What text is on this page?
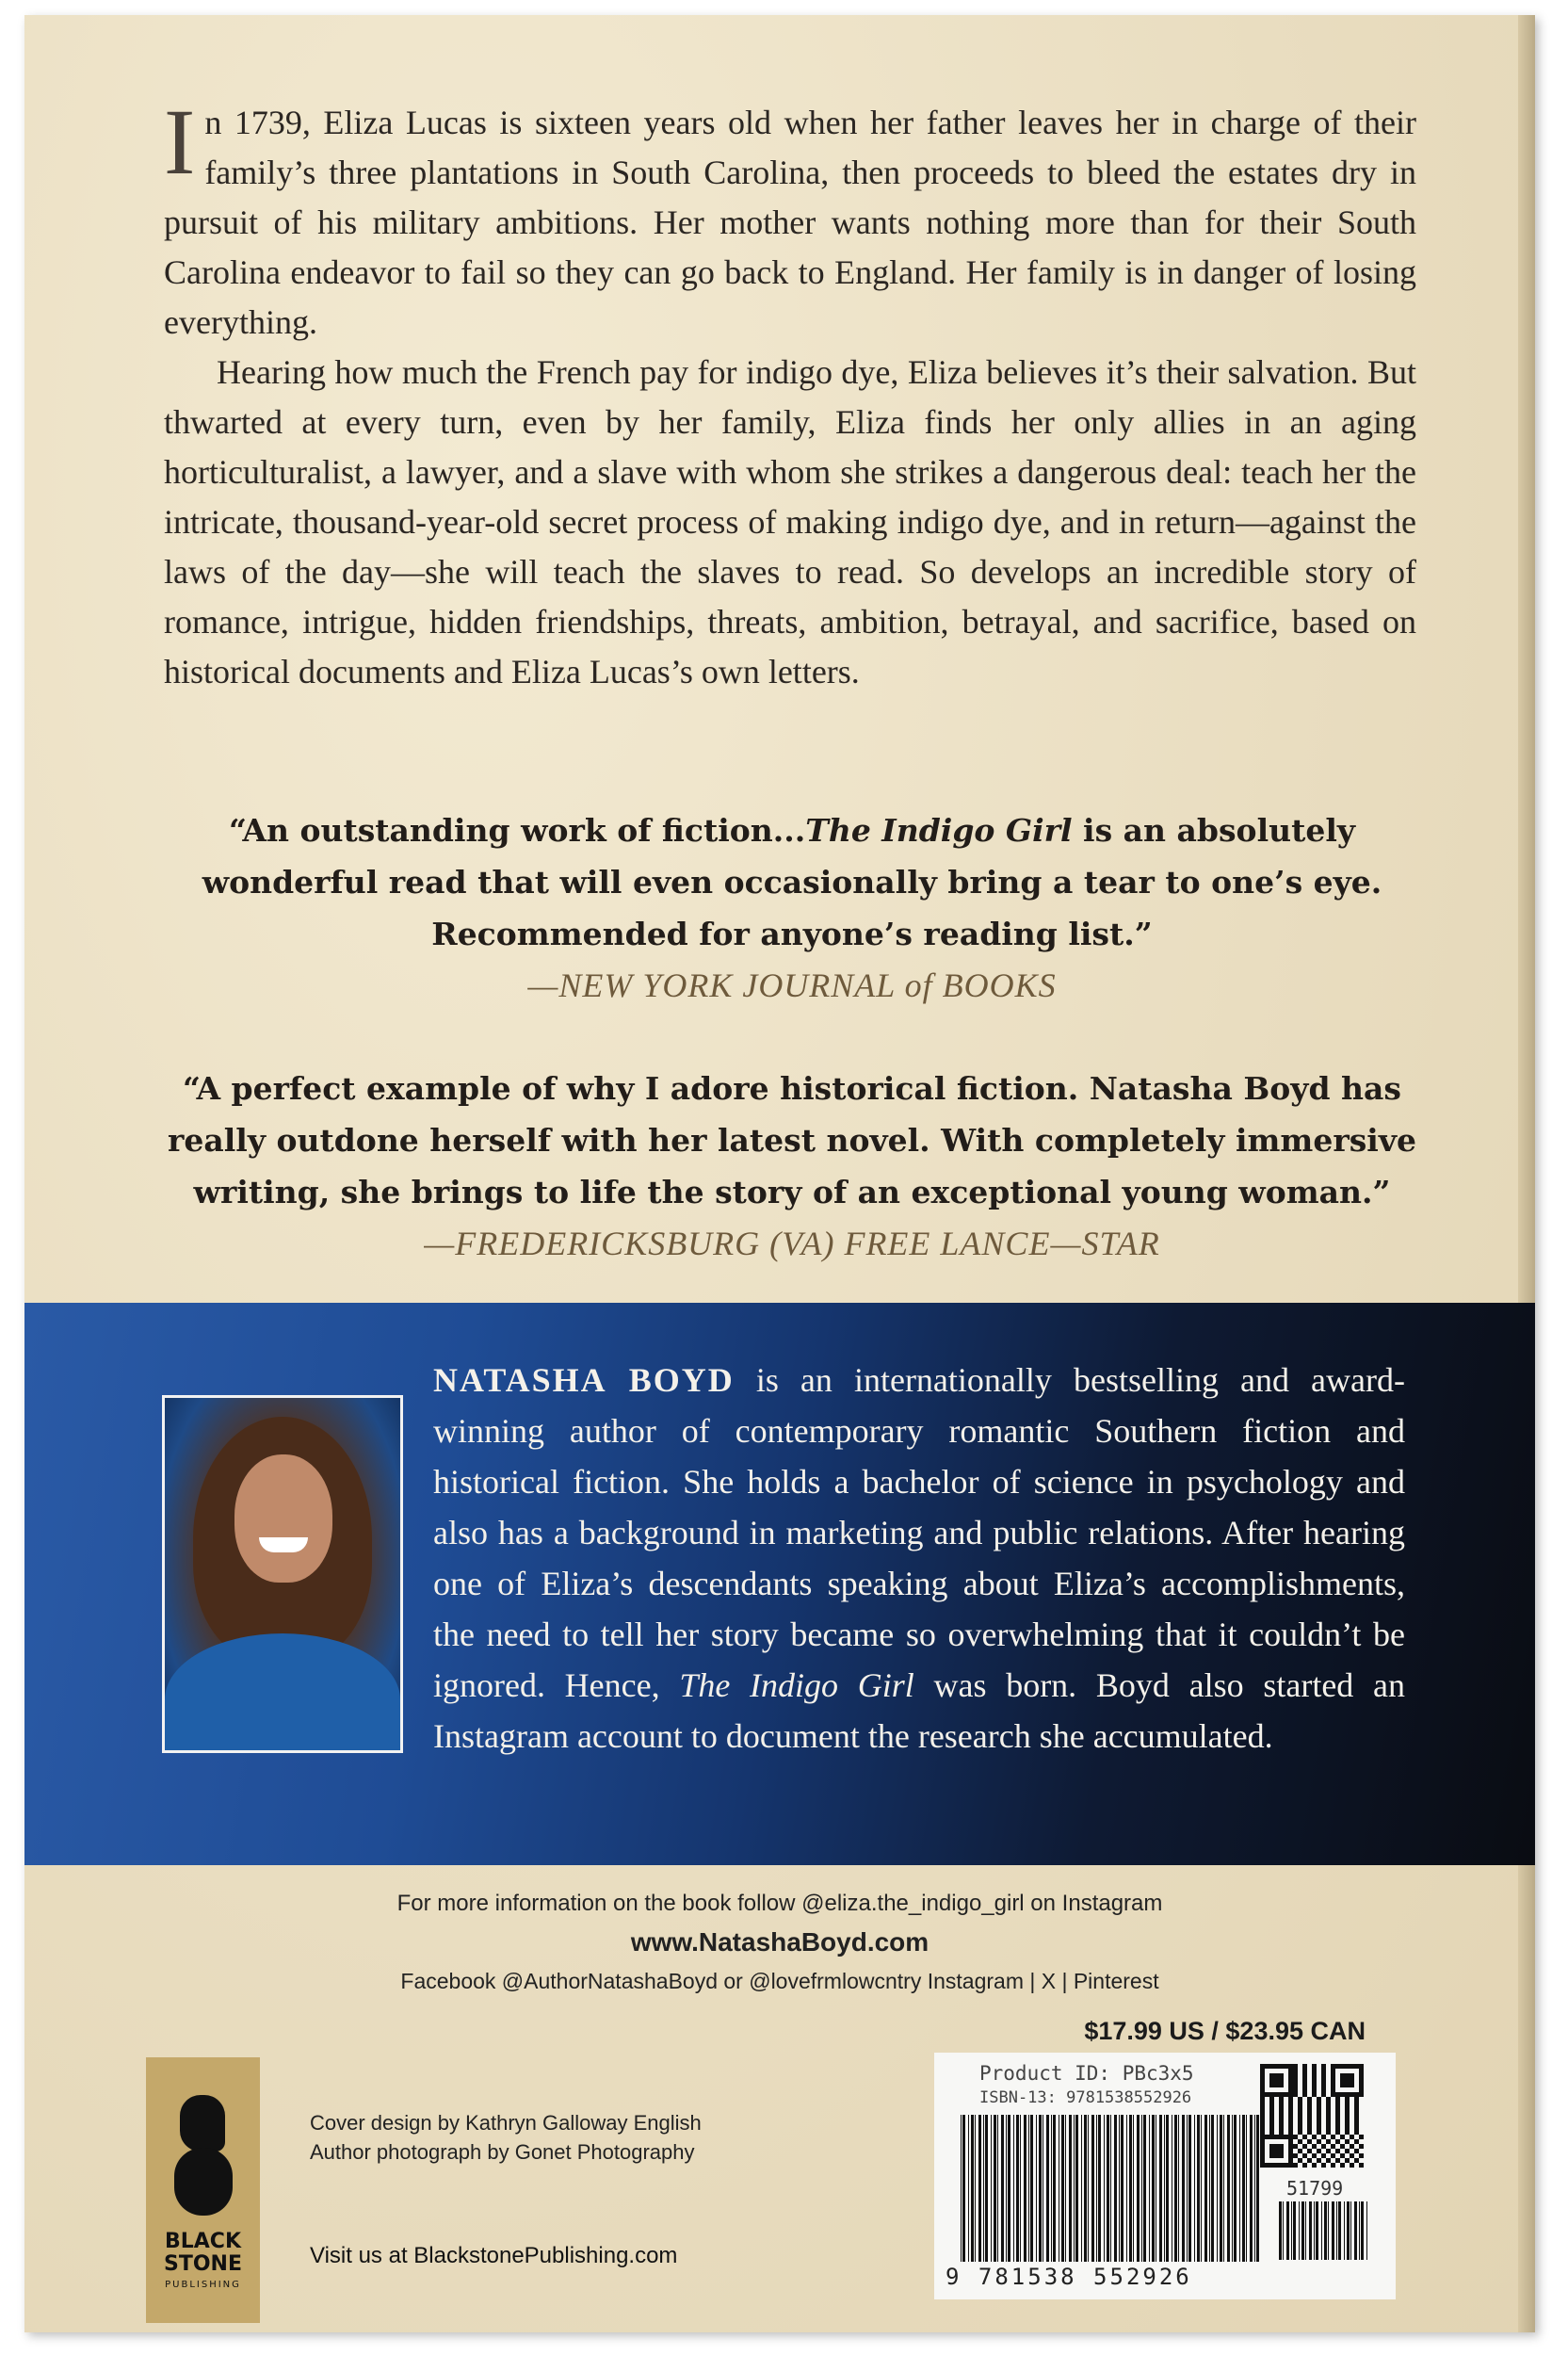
In 1739, Eliza Lucas is sixteen years old when her father leaves her in charge of their family’s three plantations in South Carolina, then proceeds to bleed the estates dry in pursuit of his military ambitions. Her mother wants nothing more than for their South Carolina endeavor to fail so they can go back to England. Her family is in danger of losing everything.

Hearing how much the French pay for indigo dye, Eliza believes it’s their salvation. But thwarted at every turn, even by her family, Eliza finds her only allies in an aging horticulturalist, a lawyer, and a slave with whom she strikes a dangerous deal: teach her the intricate, thousand-year-old secret process of making indigo dye, and in return—against the laws of the day—she will teach the slaves to read. So develops an incredible story of romance, intrigue, hidden friendships, threats, ambition, betrayal, and sacrifice, based on historical documents and Eliza Lucas’s own letters.

“An outstanding work of fiction...The Indigo Girl is an absolutely wonderful read that will even occasionally bring a tear to one’s eye. Recommended for anyone’s reading list.”
—NEW YORK JOURNAL of BOOKS
“A perfect example of why I adore historical fiction. Natasha Boyd has really outdone herself with her latest novel. With completely immersive writing, she brings to life the story of an exceptional young woman.”
—FREDERICKSBURG (VA) FREE LANCE—STAR
NATASHA BOYD is an internationally bestselling and award-winning author of contemporary romantic Southern fiction and historical fiction. She holds a bachelor of science in psychology and also has a background in marketing and public relations. After hearing one of Eliza’s descendants speaking about Eliza’s accomplishments, the need to tell her story became so overwhelming that it couldn’t be ignored. Hence, The Indigo Girl was born. Boyd also started an Instagram account to document the research she accumulated.
For more information on the book follow @eliza.the_indigo_girl on Instagram
www.NatashaBoyd.com
Facebook @AuthorNatashaBoyd or @lovefrmlowcntry Instagram | X | Pinterest
$17.99 US / $23.95 CAN
BLACK
STONE
PUBLISHING
Cover design by Kathryn Galloway English
Author photograph by Gonet Photography
Visit us at BlackstonePublishing.com
Product ID: PBc3x5
ISBN-13: 9781538552926
51799
9 781538 552926
